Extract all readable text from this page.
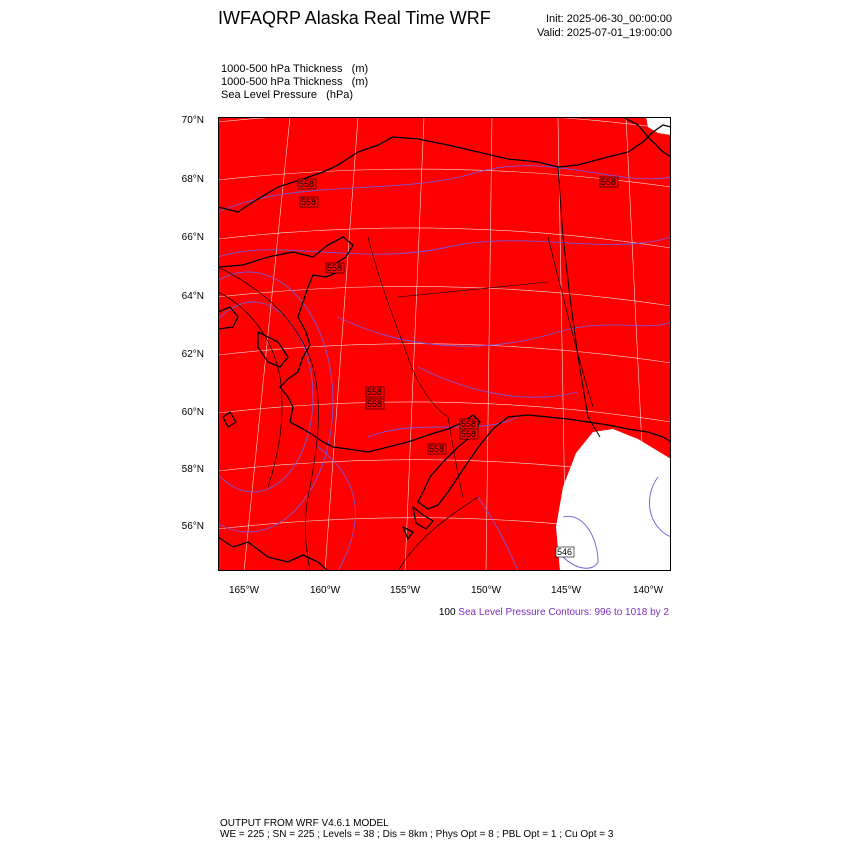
IWFAQRP Alaska Real Time WRF	Init: 2025-06-30_00:00:00
Valid: 2025-07-01_19:00:00
1000-500 hPa Thickness   (m)
1000-500 hPa Thickness   (m)
Sea Level Pressure   (hPa)
558
558
558
558
558
558
558
558
558
546
70°N
68°N
66°N
64°N
62°N
60°N
58°N
56°N
165°W	160°W	155°W	150°W	145°W	140°W
100 Sea Level Pressure Contours: 996 to 1018 by 2
OUTPUT FROM WRF V4.6.1 MODEL
WE = 225 ; SN = 225 ; Levels = 38 ; Dis = 8km ; Phys Opt = 8 ; PBL Opt = 1 ; Cu Opt = 3
